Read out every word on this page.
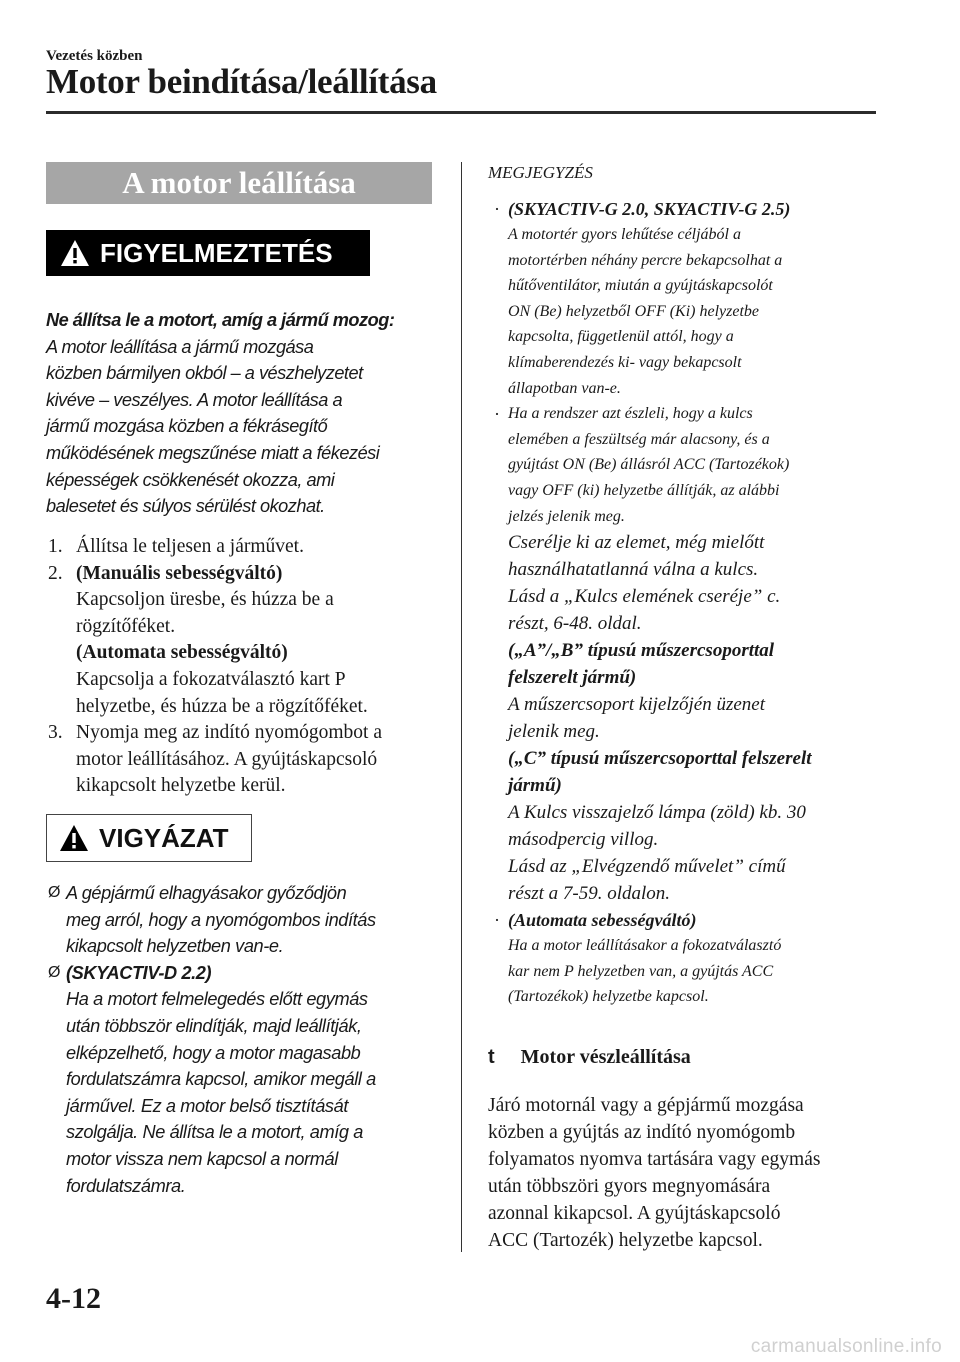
Vezetés közben
Motor beindítása/leállítása
A motor leállítása
FIGYELMEZTETÉS
Ne állítsa le a motort, amíg a jármű mozog:
A motor leállítása a jármű mozgása
közben bármilyen okból – a vészhelyzetet
kivéve – veszélyes. A motor leállítása a
jármű mozgása közben a fékrásegítő
működésének megszűnése miatt a fékezési
képességek csökkenését okozza, ami
balesetet és súlyos sérülést okozhat.
1. Állítsa le teljesen a járművet.
2. (Manuális sebességváltó)
Kapcsoljon üresbe, és húzza be a
rögzítőféket.
(Automata sebességváltó)
Kapcsolja a fokozatválasztó kart P
helyzetbe, és húzza be a rögzítőféket.
3. Nyomja meg az indító nyomógombot a
motor leállításához. A gyújtáskapcsoló
kikapcsolt helyzetbe kerül.
VIGYÁZAT
Ø A gépjármű elhagyásakor győződjön
meg arról, hogy a nyomógombos indítás
kikapcsolt helyzetben van-e.
Ø (SKYACTIV-D 2.2)
Ha a motort felmelegedés előtt egymás
után többször elindítják, majd leállítják,
elképzelhető, hogy a motor magasabb
fordulatszámra kapcsol, amikor megáll a
járművel. Ez a motor belső tisztítását
szolgálja. Ne állítsa le a motort, amíg a
motor vissza nem kapcsol a normál
fordulatszámra.
MEGJEGYZÉS
· (SKYACTIV-G 2.0, SKYACTIV-G 2.5)
A motortér gyors lehűtése céljából a
motortérben néhány percre bekapcsolhat a
hűtőventilátor, miután a gyújtáskapcsolót
ON (Be) helyzetből OFF (Ki) helyzetbe
kapcsolta, függetlenül attól, hogy a
klímaberendezés ki- vagy bekapcsolt
állapotban van-e.
· Ha a rendszer azt észleli, hogy a kulcs
elemében a feszültség már alacsony, és a
gyújtást ON (Be) állásról ACC (Tartozékok)
vagy OFF (ki) helyzetbe állítják, az alábbi
jelzés jelenik meg.
Cserélje ki az elemet, még mielőtt
használhatatlanná válna a kulcs.
Lásd a „Kulcs elemének cseréje” c.
részt, 6-48. oldal.
(„A”/„B” típusú műszercsoporttal
felszerelt jármű)
A műszercsoport kijelzőjén üzenet
jelenik meg.
(„C” típusú műszercsoporttal felszerelt
jármű)
A Kulcs visszajelző lámpa (zöld) kb. 30
másodpercig villog.
Lásd az „Elvégzendő művelet” című
részt a 7-59. oldalon.
· (Automata sebességváltó)
Ha a motor leállításakor a fokozatválasztó
kar nem P helyzetben van, a gyújtás ACC
(Tartozékok) helyzetbe kapcsol.
t Motor vészleállítása
Járó motornál vagy a gépjármű mozgása
közben a gyújtás az indító nyomógomb
folyamatos nyomva tartására vagy egymás
után többszöri gyors megnyomására
azonnal kikapcsol. A gyújtáskapcsoló
ACC (Tartozék) helyzetbe kapcsol.
4-12
carmanualsonline.info
